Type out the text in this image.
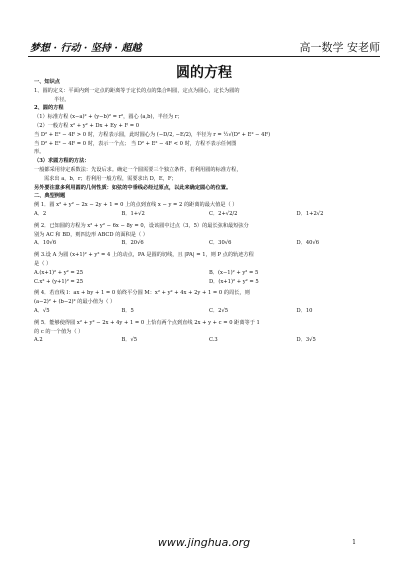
梦想 · 行动 · 坚持 · 超越	高一数学 安老师
圆的方程
一、知识点
1、圆的定义：平面内到一定点的距离等于定长的点的集合叫圆，定点为圆心，定长为圆的
半径。
2、圆的方程
（1）标准方程 (x−a)² + (y−b)² = r²，圆心 (a,b)，半径为 r；
（2）一般方程 x² + y² + Dx + Ey + F = 0
当 D² + E² − 4F > 0 时，方程表示圆，此时圆心为 (−D/2, −E/2)，半径为 r = ½√(D² + E² − 4F)
当 D² + E² − 4F = 0 时，表示一个点； 当 D² + E² − 4F < 0 时，方程不表示任何图
形。
（3）求圆方程的方法：
一般都采用待定系数法：先设后求。确定一个圆需要三个独立条件，若利用圆的标准方程，
需求出 a，b，r；若利用一般方程，需要求出 D，E，F；
另外要注意多利用圆的几何性质：如弦的中垂线必经过原点，以此来确定圆心的位置。
二、典型例题
例 1．圆 x² + y² − 2x − 2y + 1 = 0 上的点到直线 x − y = 2 的距离的最大值是（ ）
A．2	B．1+√2	C．2+√2/2	D．1+2√2
例 2．已知圆的方程为 x² + y² − 6x − 8y = 0，设该圆中过点（3，5）的最长弦和最短弦分
别为 AC 和 BD，则四边形 ABCD 的面积是（ ）
A．10√6	B．20√6	C．30√6	D．40√6
例 3.设 A 为圆 (x+1)² + y² = 4 上的动点，PA 是圆的切线，且 |PA| = 1，则 P 点的轨迹方程
是（ ）
A.(x+1)² + y² = 25	B．(x−1)² + y² = 5
C.x² + (y+1)² = 25	D．(x+1)² + y² = 5
例 4．若直线 l：ax + by + 1 = 0 始终平分圆 M：x² + y² + 4x + 2y + 1 = 0 的周长，则
(a−2)² + (b−2)² 的最小值为（ ）
A．√5	B．5	C．2√5	D．10
例 5．能够使得圆 x² + y² − 2x + 4y + 1 = 0 上恰有两个点到直线 2x + y + c = 0 距离等于 1
的 c 的一个值为（ ）
A.2	B．√5	C.3	D．3√5
www.jinghua.org	1
